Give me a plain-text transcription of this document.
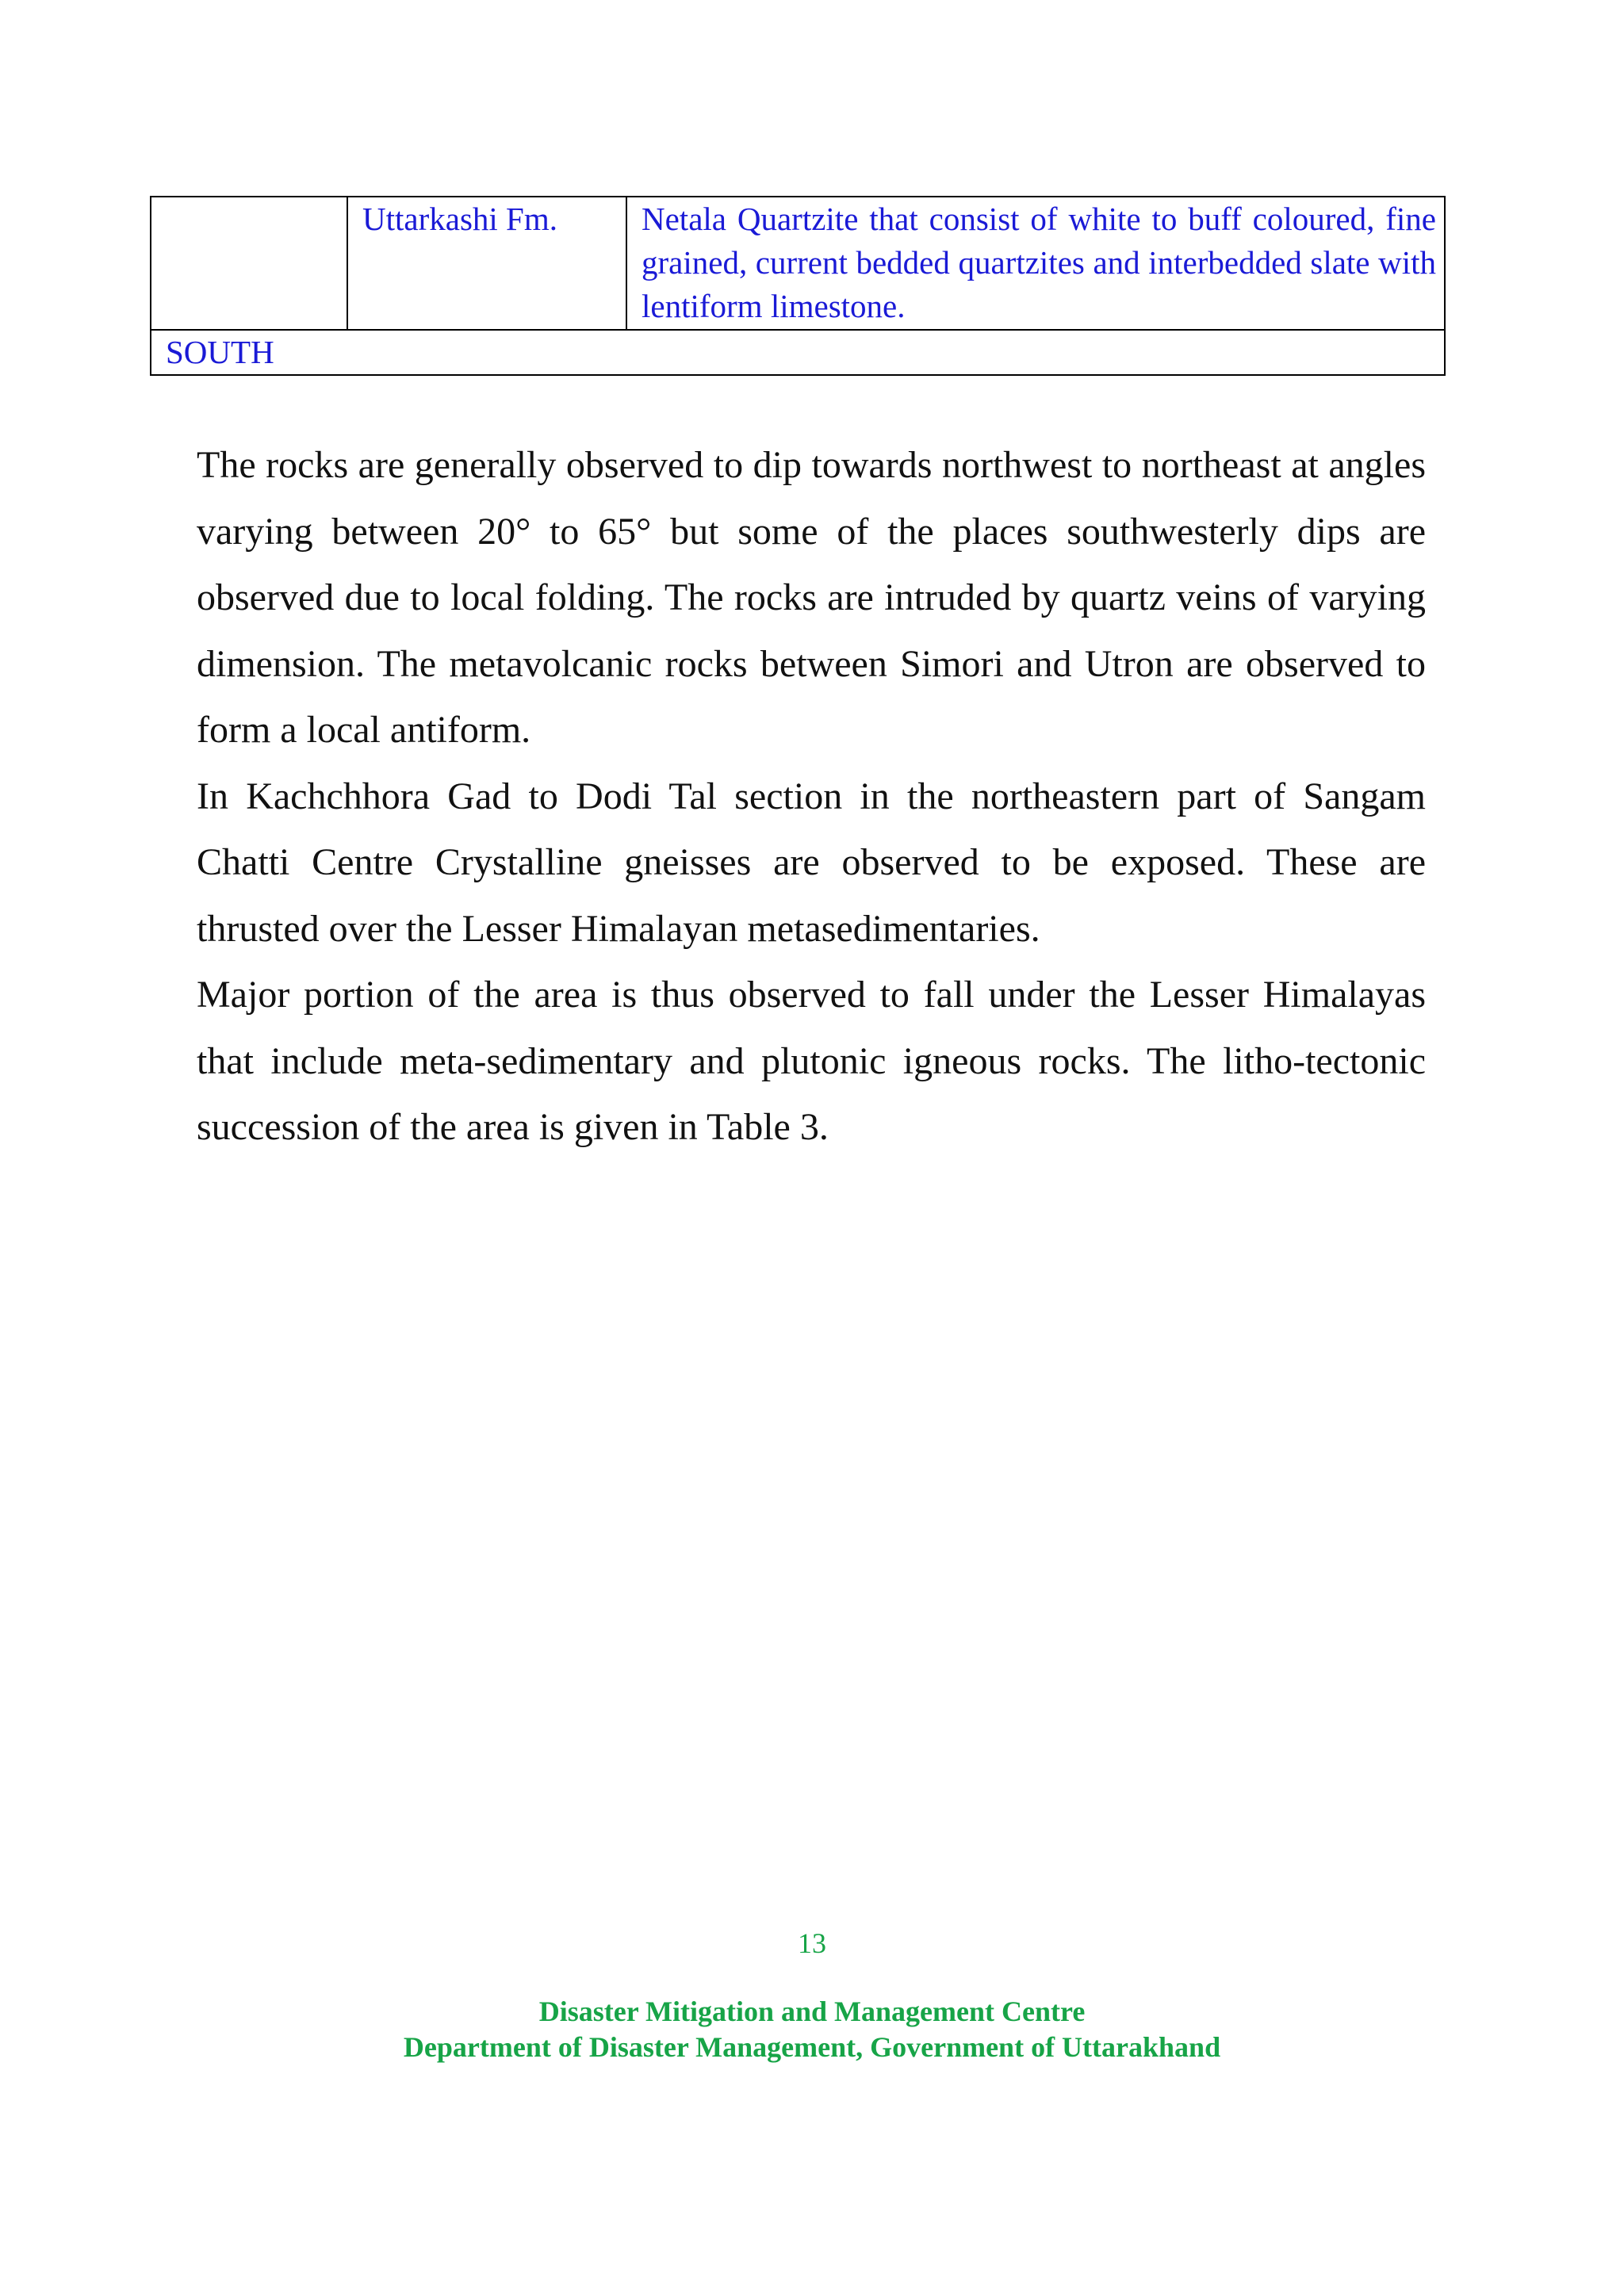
	Uttarkashi Fm.	Netala Quartzite that consist of white to buff coloured, fine grained, current bedded quartzites and interbedded slate with lentiform limestone.
SOUTH

The rocks are generally observed to dip towards northwest to northeast at angles varying between 20° to 65° but some of the places southwesterly dips are observed due to local folding. The rocks are intruded by quartz veins of varying dimension. The metavolcanic rocks between Simori and Utron are observed to form a local antiform.

In Kachchhora Gad to Dodi Tal section in the northeastern part of Sangam Chatti Centre Crystalline gneisses are observed to be exposed. These are thrusted over the Lesser Himalayan metasedimentaries.

Major portion of the area is thus observed to fall under the Lesser Himalayas that include meta-sedimentary and plutonic igneous rocks. The litho-tectonic succession of the area is given in Table 3.

13
Disaster Mitigation and Management Centre
Department of Disaster Management, Government of Uttarakhand
